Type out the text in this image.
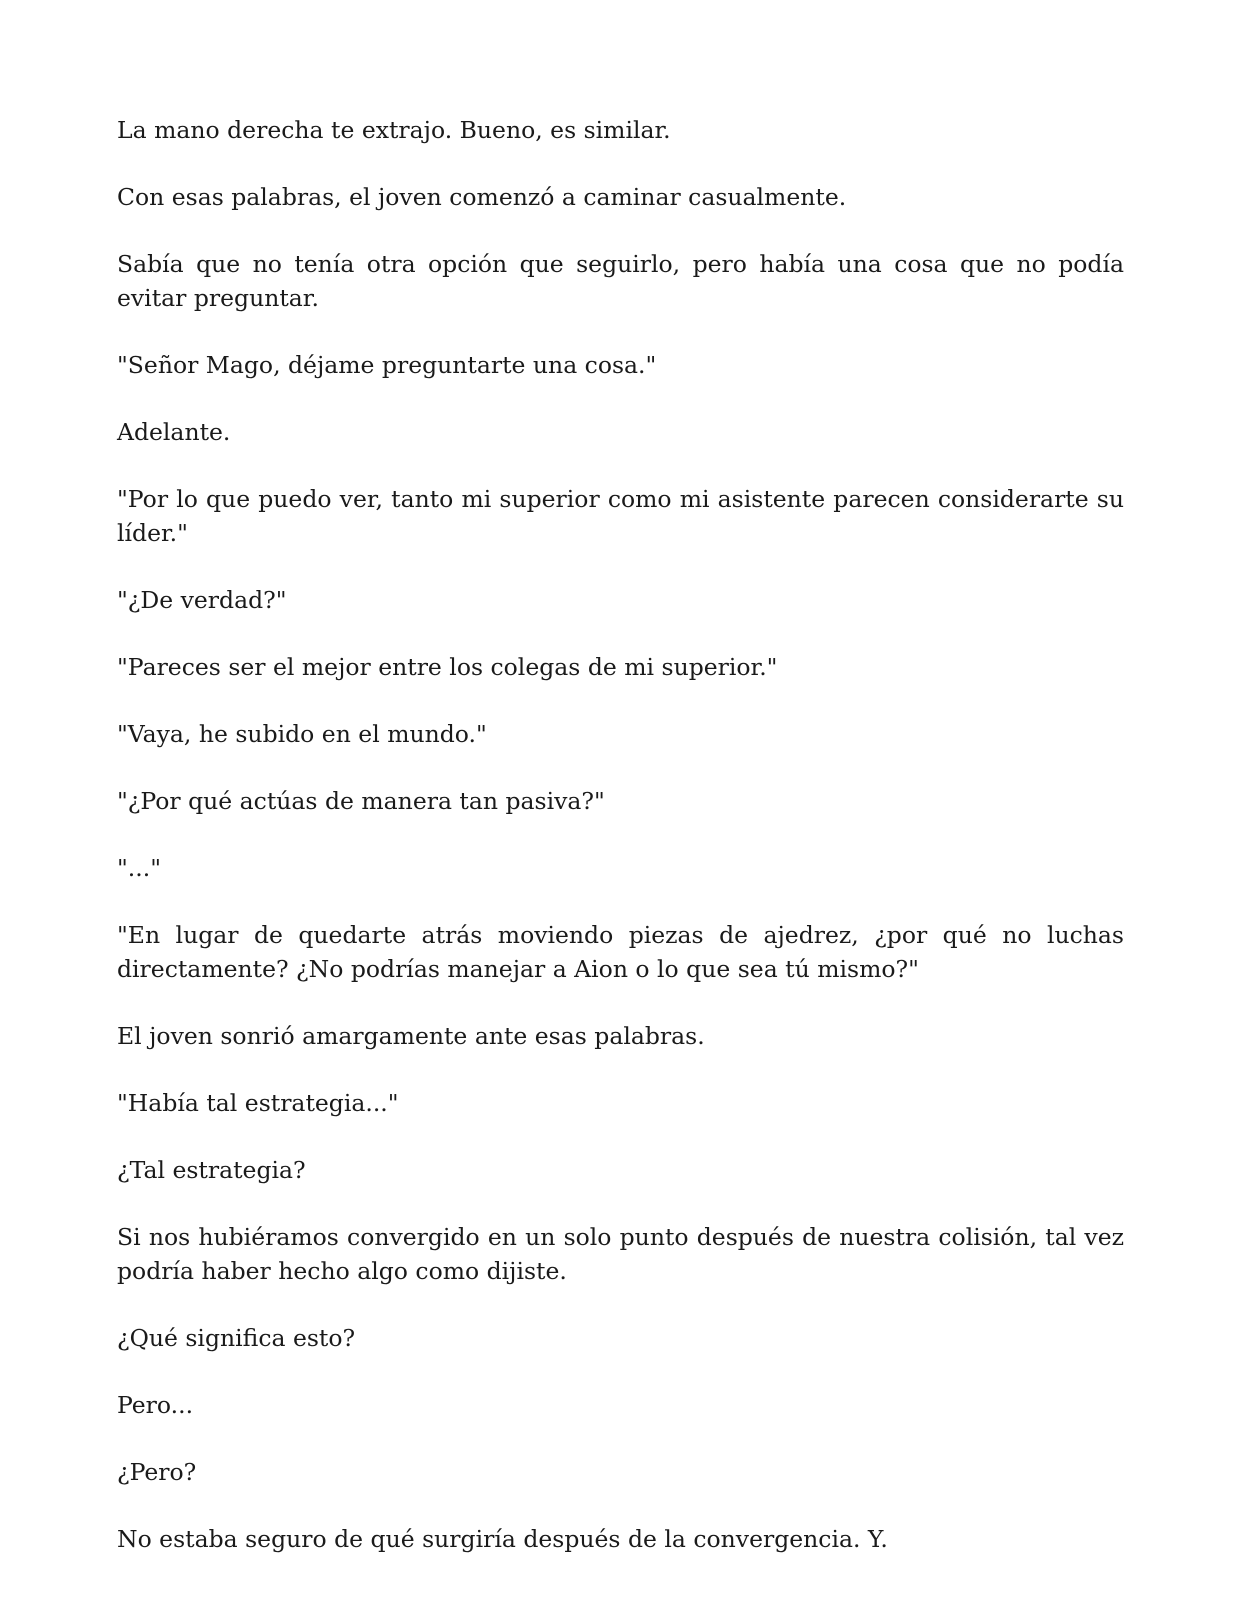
La mano derecha te extrajo. Bueno, es similar.

Con esas palabras, el joven comenzó a caminar casualmente.

Sabía que no tenía otra opción que seguirlo, pero había una cosa que no podía evitar preguntar.

"Señor Mago, déjame preguntarte una cosa."

Adelante.

"Por lo que puedo ver, tanto mi superior como mi asistente parecen considerarte su líder."

"¿De verdad?"

"Pareces ser el mejor entre los colegas de mi superior."

"Vaya, he subido en el mundo."

"¿Por qué actúas de manera tan pasiva?"

"..."

"En lugar de quedarte atrás moviendo piezas de ajedrez, ¿por qué no luchas directamente? ¿No podrías manejar a Aion o lo que sea tú mismo?"

El joven sonrió amargamente ante esas palabras.

"Había tal estrategia..."

¿Tal estrategia?

Si nos hubiéramos convergido en un solo punto después de nuestra colisión, tal vez podría haber hecho algo como dijiste.

¿Qué significa esto?

Pero...

¿Pero?

No estaba seguro de qué surgiría después de la convergencia. Y.
